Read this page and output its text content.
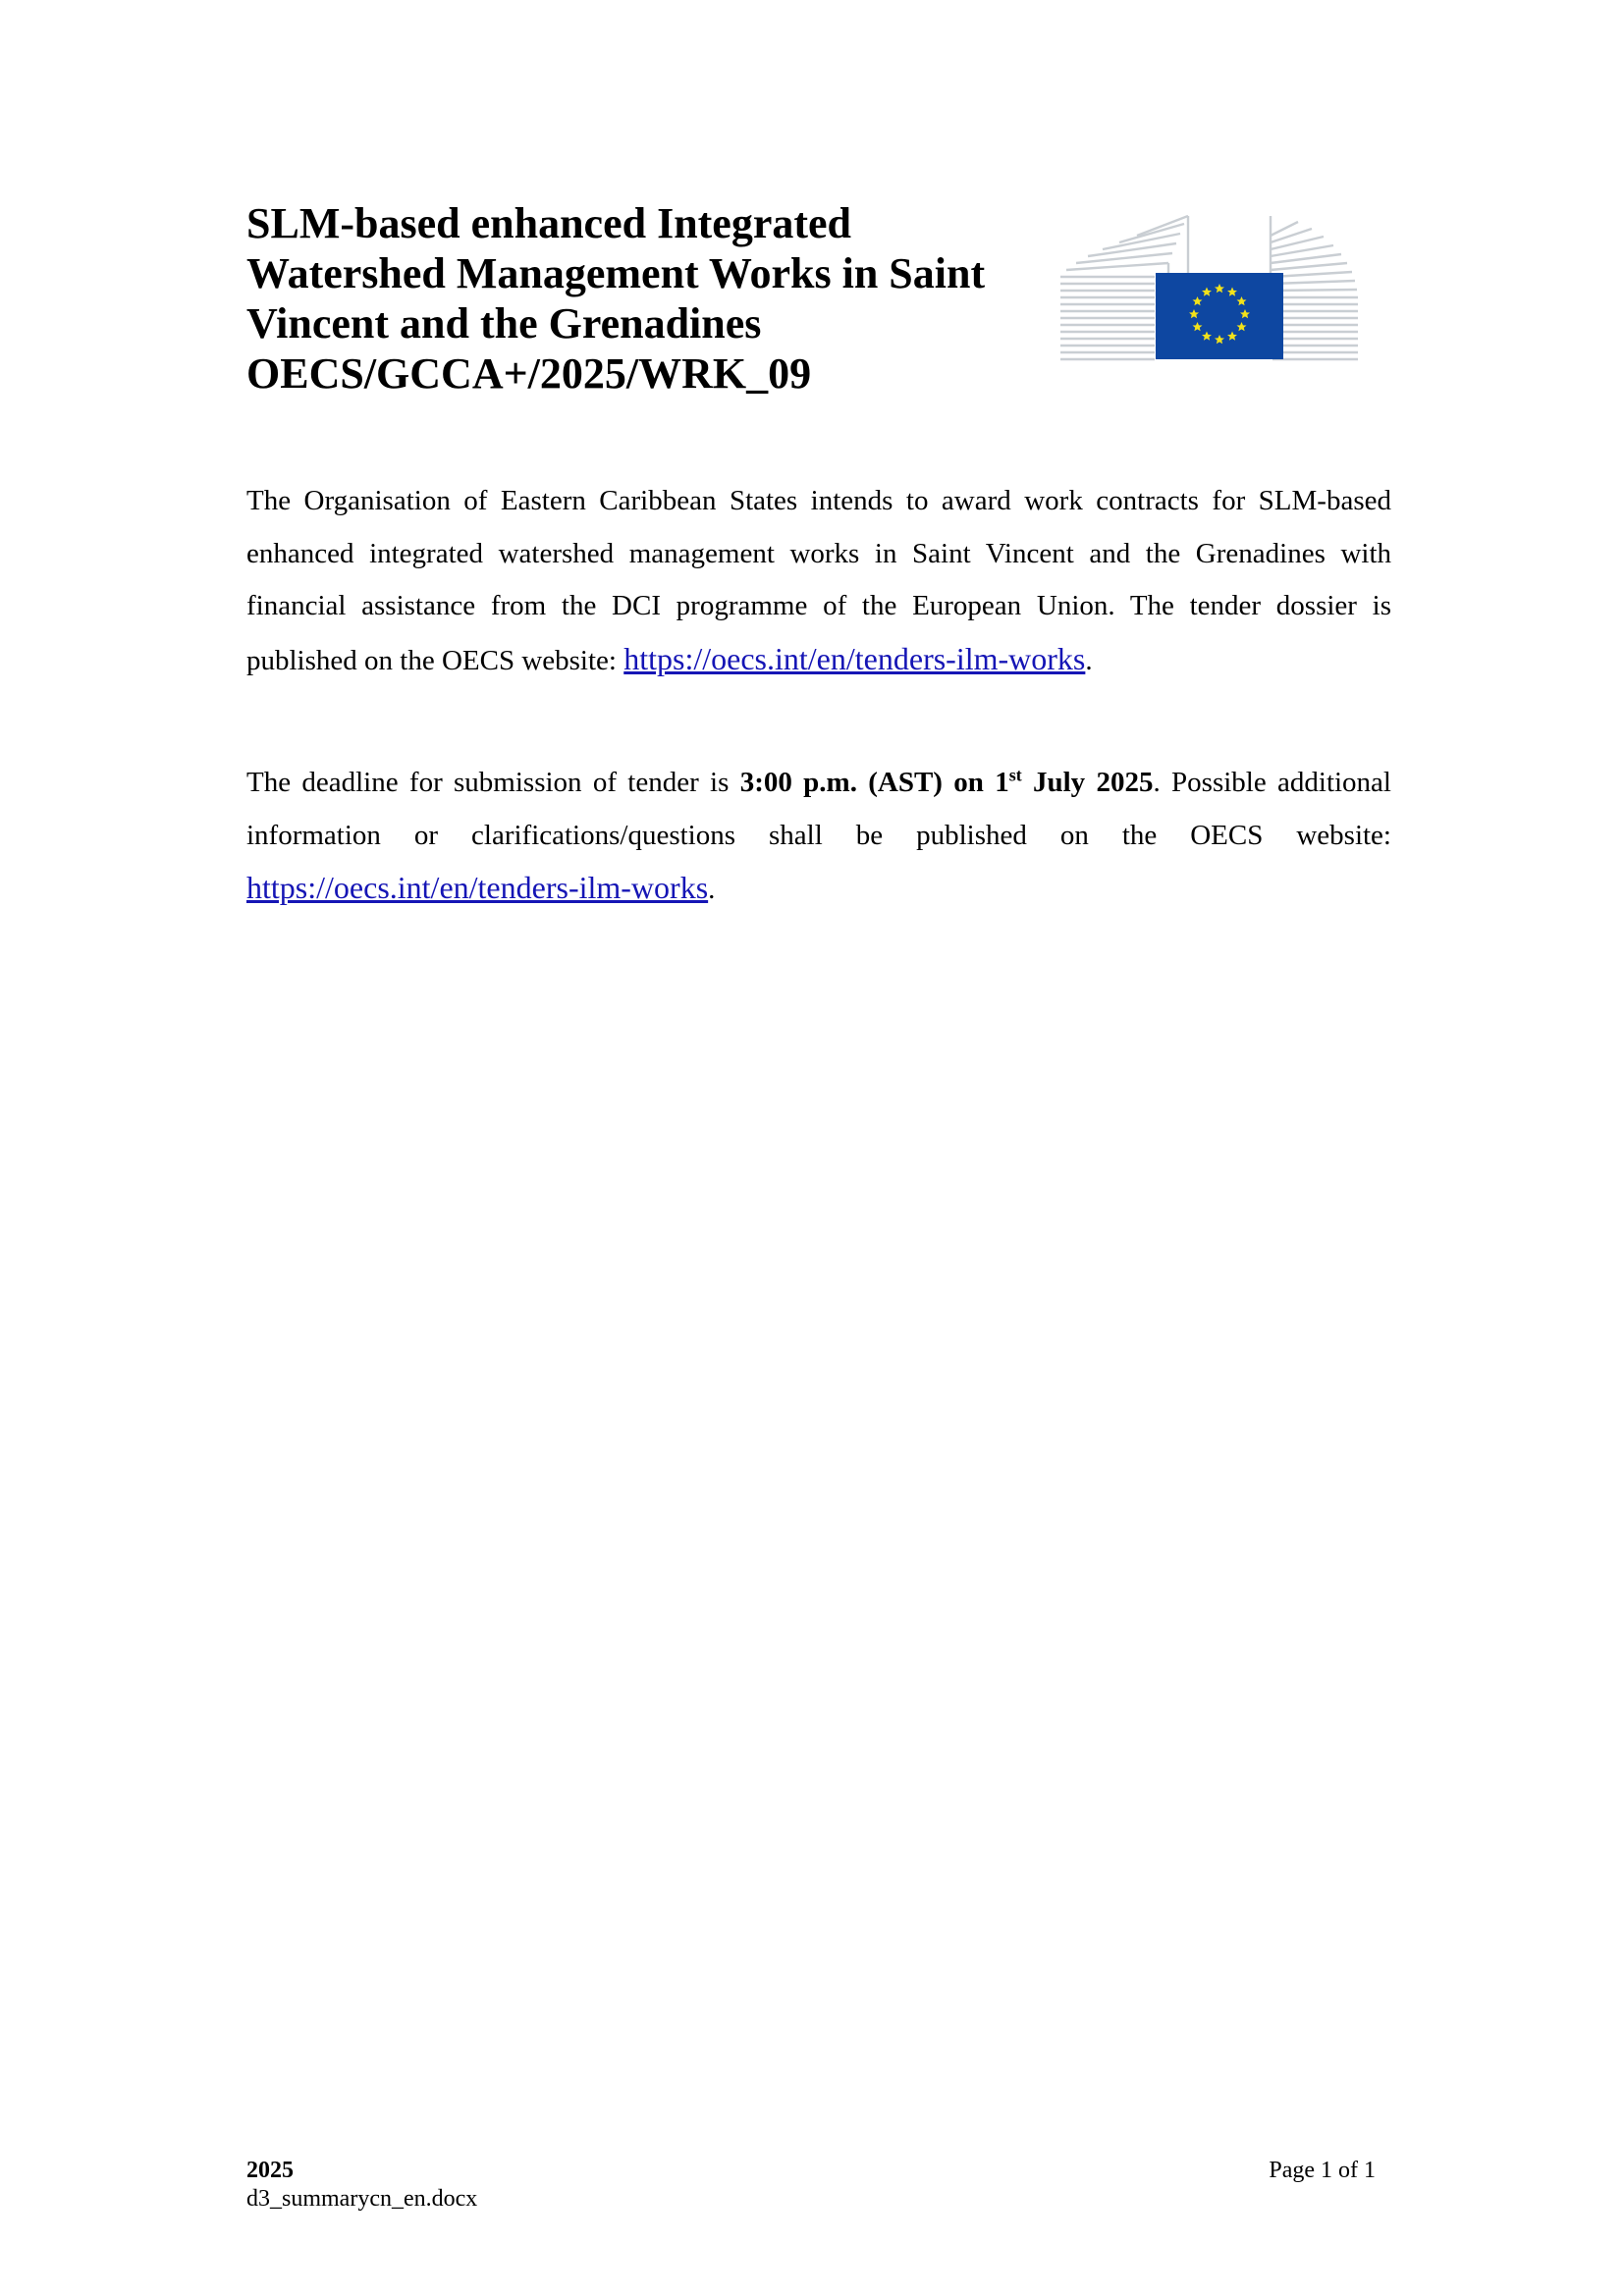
SLM-based enhanced Integrated
Watershed Management Works in Saint
Vincent and the Grenadines
OECS/GCCA+/2025/WRK_09

The Organisation of Eastern Caribbean States intends to award work contracts for SLM-based enhanced integrated watershed management works in Saint Vincent and the Grenadines with financial assistance from the DCI programme of the European Union. The tender dossier is published on the OECS website: https://oecs.int/en/tenders-ilm-works.

The deadline for submission of tender is 3:00 p.m. (AST) on 1st July 2025. Possible additional information or clarifications/questions shall be published on the OECS website: https://oecs.int/en/tenders-ilm-works.

2025
d3_summarycn_en.docx
Page 1 of 1
